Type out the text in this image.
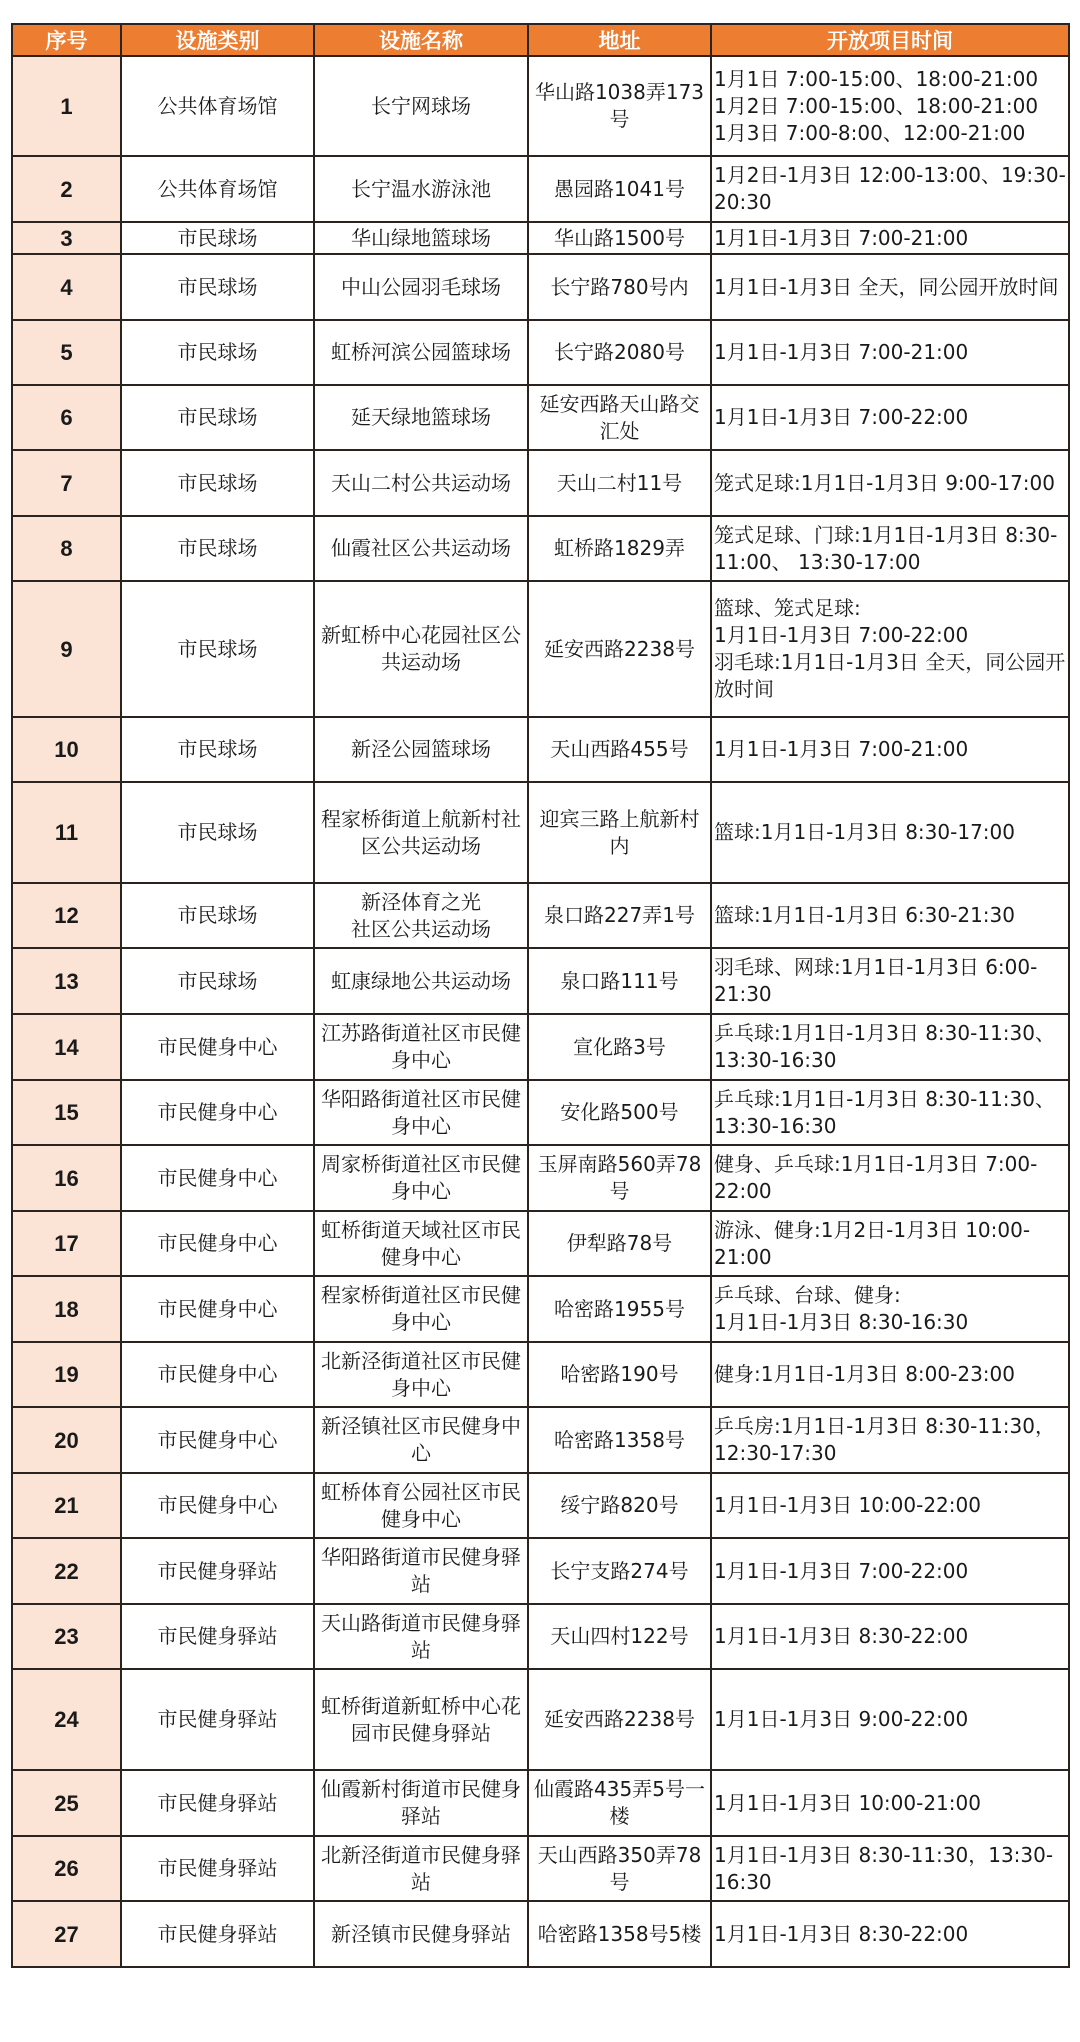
序号	设施类别	设施名称	地址	开放项目时间
1	公共体育场馆	长宁网球场	华山路1038弄173号	1月1日 7:00-15:00、18:00-21:00
1月2日 7:00-15:00、18:00-21:00
1月3日 7:00-8:00、12:00-21:00

2	公共体育场馆	长宁温水游泳池	愚园路1041号	1月2日-1月3日 12:00-13:00、19:30-20:30

3	市民球场	华山绿地篮球场	华山路1500号	1月1日-1月3日 7:00-21:00

4	市民球场	中山公园羽毛球场	长宁路780号内	1月1日-1月3日 全天，同公园开放时间

5	市民球场	虹桥河滨公园篮球场	长宁路2080号	1月1日-1月3日 7:00-21:00

6	市民球场	延天绿地篮球场	延安西路天山路交汇处	1月1日-1月3日 7:00-22:00

7	市民球场	天山二村公共运动场	天山二村11号	笼式足球:1月1日-1月3日 9:00-17:00

8	市民球场	仙霞社区公共运动场	虹桥路1829弄	笼式足球、门球:1月1日-1月3日 8:30-11:00、 13:30-17:00

9	市民球场	新虹桥中心花园社区公共运动场	延安西路2238号	篮球、笼式足球:
1月1日-1月3日 7:00-22:00
羽毛球:1月1日-1月3日 全天，同公园开放时间

10	市民球场	新泾公园篮球场	天山西路455号	1月1日-1月3日 7:00-21:00

11	市民球场	程家桥街道上航新村社区公共运动场	迎宾三路上航新村内	篮球:1月1日-1月3日 8:30-17:00

12	市民球场	新泾体育之光
社区公共运动场	泉口路227弄1号	篮球:1月1日-1月3日 6:30-21:30

13	市民球场	虹康绿地公共运动场	泉口路111号	羽毛球、网球:1月1日-1月3日 6:00-21:30

14	市民健身中心	江苏路街道社区市民健身中心	宣化路3号	乒乓球:1月1日-1月3日 8:30-11:30、13:30-16:30

15	市民健身中心	华阳路街道社区市民健身中心	安化路500号	乒乓球:1月1日-1月3日 8:30-11:30、13:30-16:30

16	市民健身中心	周家桥街道社区市民健身中心	玉屏南路560弄78号	健身、乒乓球:1月1日-1月3日 7:00-22:00

17	市民健身中心	虹桥街道天域社区市民健身中心	伊犁路78号	游泳、健身:1月2日-1月3日 10:00-21:00

18	市民健身中心	程家桥街道社区市民健身中心	哈密路1955号	乒乓球、台球、健身:
1月1日-1月3日 8:30-16:30

19	市民健身中心	北新泾街道社区市民健身中心	哈密路190号	健身:1月1日-1月3日 8:00-23:00

20	市民健身中心	新泾镇社区市民健身中心	哈密路1358号	乒乓房:1月1日-1月3日 8:30-11:30，12:30-17:30

21	市民健身中心	虹桥体育公园社区市民健身中心	绥宁路820号	1月1日-1月3日 10:00-22:00

22	市民健身驿站	华阳路街道市民健身驿站	长宁支路274号	1月1日-1月3日 7:00-22:00

23	市民健身驿站	天山路街道市民健身驿站	天山四村122号	1月1日-1月3日 8:30-22:00

24	市民健身驿站	虹桥街道新虹桥中心花园市民健身驿站	延安西路2238号	1月1日-1月3日 9:00-22:00

25	市民健身驿站	仙霞新村街道市民健身驿站	仙霞路435弄5号一楼	1月1日-1月3日 10:00-21:00

26	市民健身驿站	北新泾街道市民健身驿站	天山西路350弄78号	1月1日-1月3日 8:30-11:30，13:30-16:30

27	市民健身驿站	新泾镇市民健身驿站	哈密路1358号5楼	1月1日-1月3日 8:30-22:00
